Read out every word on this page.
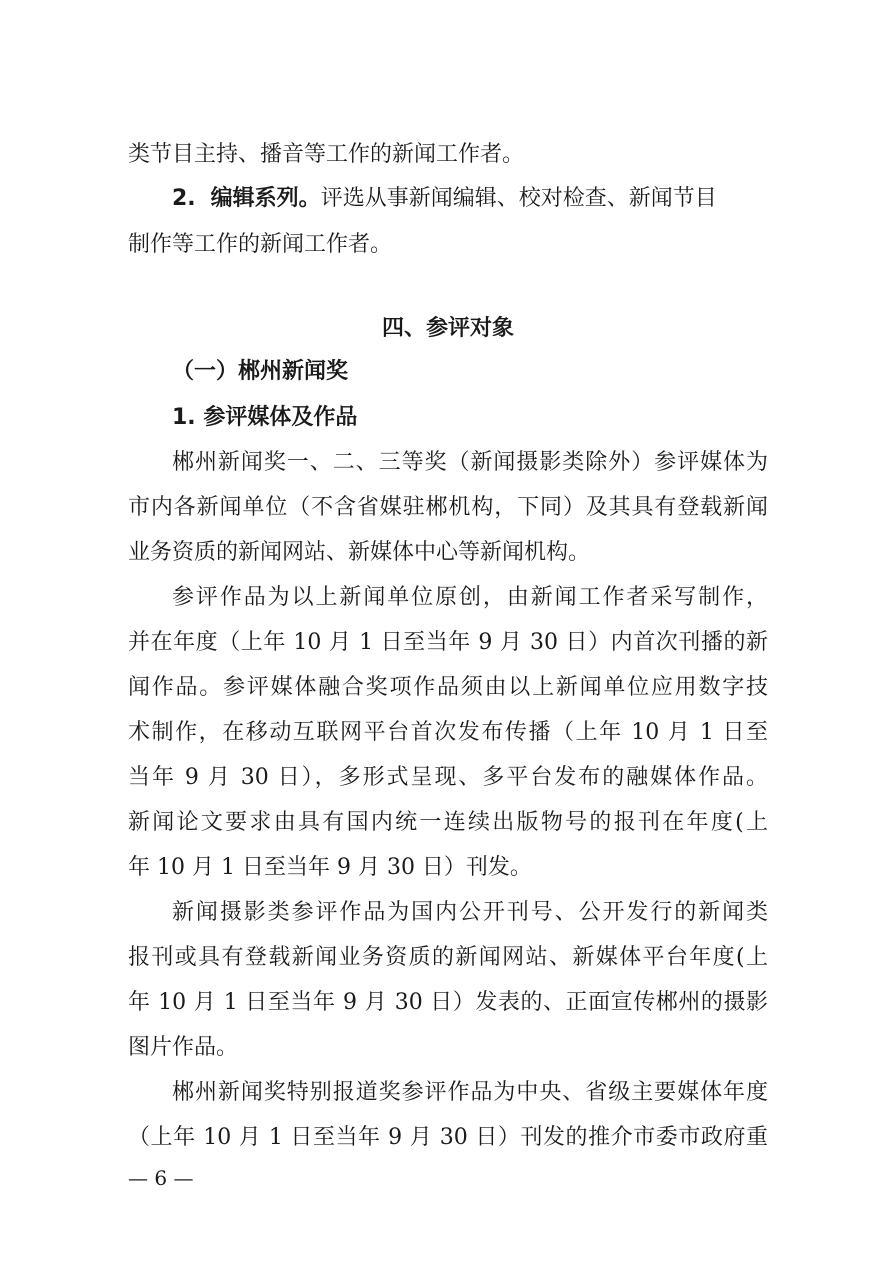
类节目主持、播音等工作的新闻工作者。
2. 编辑系列。评选从事新闻编辑、校对检查、新闻节目
制作等工作的新闻工作者。
四、参评对象
（一）郴州新闻奖
1. 参评媒体及作品
郴州新闻奖一、二、三等奖（新闻摄影类除外）参评媒体为
市内各新闻单位（不含省媒驻郴机构，下同）及其具有登载新闻
业务资质的新闻网站、新媒体中心等新闻机构。
参评作品为以上新闻单位原创，由新闻工作者采写制作，
并在年度（上年 10 月 1 日至当年 9 月 30 日）内首次刊播的新
闻作品。参评媒体融合奖项作品须由以上新闻单位应用数字技
术制作，在移动互联网平台首次发布传播（上年 10 月 1 日至
当年 9 月 30 日），多形式呈现、多平台发布的融媒体作品。
新闻论文要求由具有国内统一连续出版物号的报刊在年度(上
年 10 月 1 日至当年 9 月 30 日）刊发。
新闻摄影类参评作品为国内公开刊号、公开发行的新闻类
报刊或具有登载新闻业务资质的新闻网站、新媒体平台年度(上
年 10 月 1 日至当年 9 月 30 日）发表的、正面宣传郴州的摄影
图片作品。
郴州新闻奖特别报道奖参评作品为中央、省级主要媒体年度
（上年 10 月 1 日至当年 9 月 30 日）刊发的推介市委市政府重
— 6 —
